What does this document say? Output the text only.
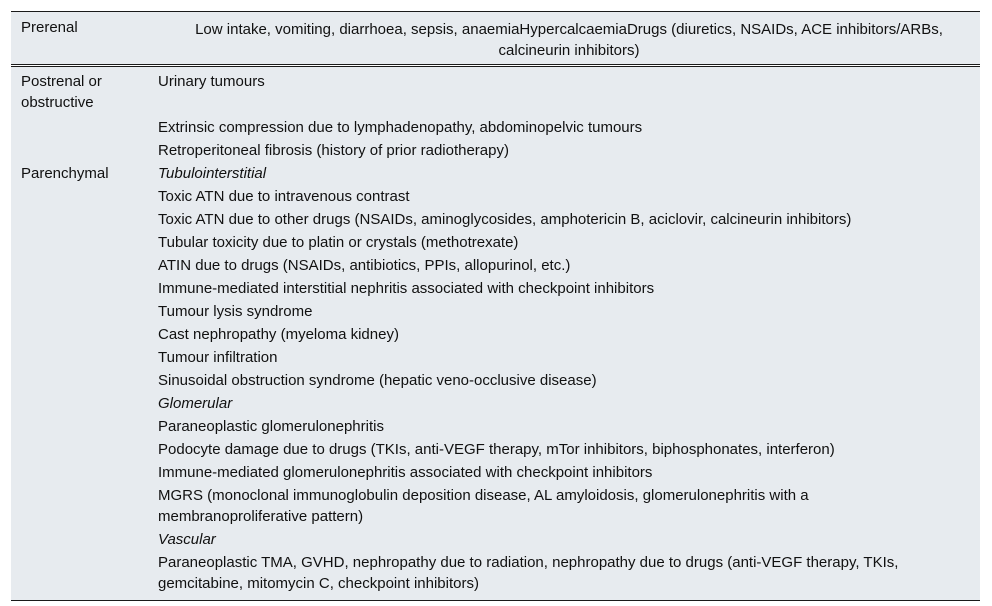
Prerenal	Low intake, vomiting, diarrhoea, sepsis, anaemiaHypercalcaemiaDrugs (diuretics, NSAIDs, ACE inhibitors/ARBs, calcineurin inhibitors)
Postrenal or obstructive
Urinary tumours
Extrinsic compression due to lymphadenopathy, abdominopelvic tumours
Retroperitoneal fibrosis (history of prior radiotherapy)
Parenchymal	Tubulointerstitial
Toxic ATN due to intravenous contrast
Toxic ATN due to other drugs (NSAIDs, aminoglycosides, amphotericin B, aciclovir, calcineurin inhibitors)
Tubular toxicity due to platin or crystals (methotrexate)
ATIN due to drugs (NSAIDs, antibiotics, PPIs, allopurinol, etc.)
Immune-mediated interstitial nephritis associated with checkpoint inhibitors
Tumour lysis syndrome
Cast nephropathy (myeloma kidney)
Tumour infiltration
Sinusoidal obstruction syndrome (hepatic veno-occlusive disease)
Glomerular
Paraneoplastic glomerulonephritis
Podocyte damage due to drugs (TKIs, anti-VEGF therapy, mTor inhibitors, biphosphonates, interferon)
Immune-mediated glomerulonephritis associated with checkpoint inhibitors
MGRS (monoclonal immunoglobulin deposition disease, AL amyloidosis, glomerulonephritis with a membranoproliferative pattern)
Vascular
Paraneoplastic TMA, GVHD, nephropathy due to radiation, nephropathy due to drugs (anti-VEGF therapy, TKIs, gemcitabine, mitomycin C, checkpoint inhibitors)
